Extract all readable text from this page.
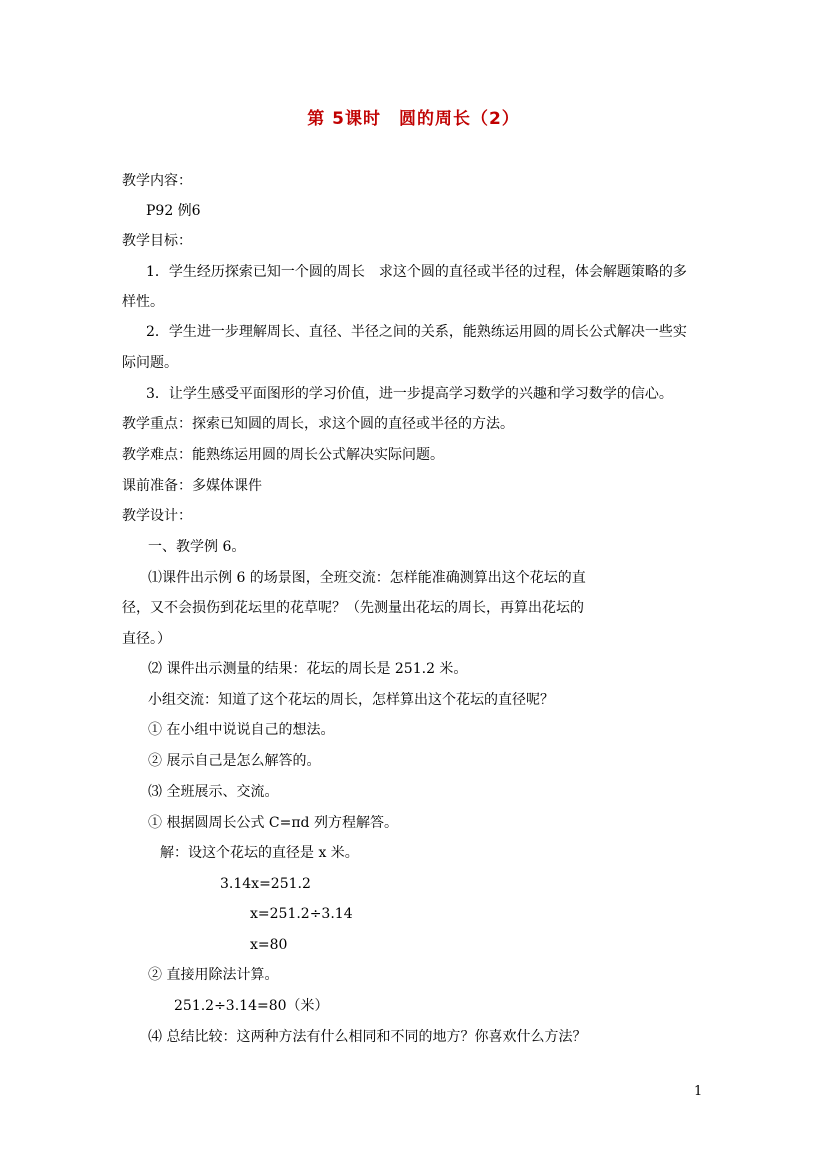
第 5课时　圆的周长（2）
教学内容：
P92 例6
教学目标：
1．学生经历探索已知一个圆的周长　求这个圆的直径或半径的过程，体会解题策略的多
样性。
2．学生进一步理解周长、直径、半径之间的关系，能熟练运用圆的周长公式解决一些实
际问题。
3．让学生感受平面图形的学习价值，进一步提高学习数学的兴趣和学习数学的信心。
教学重点：探索已知圆的周长，求这个圆的直径或半径的方法。
教学难点：能熟练运用圆的周长公式解决实际问题。
课前准备：多媒体课件
教学设计：
一、教学例 6。
⑴课件出示例 6 的场景图，全班交流：怎样能准确测算出这个花坛的直
径，又不会损伤到花坛里的花草呢？（先测量出花坛的周长，再算出花坛的
直径。）
⑵ 课件出示测量的结果：花坛的周长是 251.2 米。
小组交流：知道了这个花坛的周长，怎样算出这个花坛的直径呢？
① 在小组中说说自己的想法。
② 展示自己是怎么解答的。
⑶ 全班展示、交流。
① 根据圆周长公式 C=πd 列方程解答。
解：设这个花坛的直径是 x 米。
3.14x=251.2
x=251.2÷3.14
x=80
② 直接用除法计算。
251.2÷3.14=80（米）
⑷ 总结比较：这两种方法有什么相同和不同的地方？你喜欢什么方法？
1
